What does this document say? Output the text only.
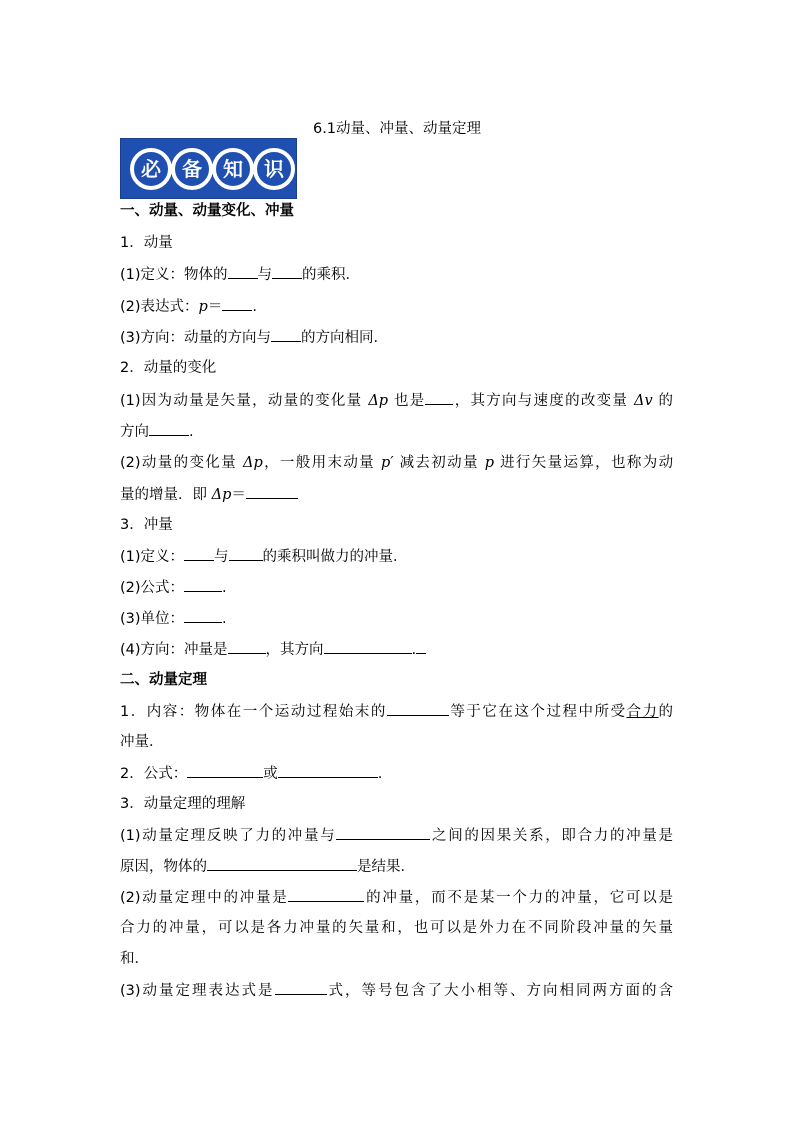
6.1动量、冲量、动量定理
必 备 知 识
一、动量、动量变化、冲量
1．动量
(1)定义：物体的 与 的乘积．
(2)表达式：p＝ .
(3)方向：动量的方向与 的方向相同．
2．动量的变化
(1)因为动量是矢量，动量的变化量 Δp 也是 ，其方向与速度的改变量 Δv 的
方向	.
(2)动量的变化量 Δp，一般用末动量 p′ 减去初动量 p 进行矢量运算，也称为动
量的增量．即 Δp＝
3．冲量
(1)定义： 与 的乘积叫做力的冲量．
(2)公式：	.
(3)单位：	.
(4)方向：冲量是	，其方向	.
二、动量定理
1．内容：物体在一个运动过程始末的	等于它在这个过程中所受合力的
冲量．
2．公式：	或	.
3．动量定理的理解
(1)动量定理反映了力的冲量与	之间的因果关系，即合力的冲量是
原因，物体的	是结果．
(2)动量定理中的冲量是	的冲量，而不是某一个力的冲量，它可以是
合力的冲量，可以是各力冲量的矢量和，也可以是外力在不同阶段冲量的矢量
和．
(3)动量定理表达式是	式，等号包含了大小相等、方向相同两方面的含
